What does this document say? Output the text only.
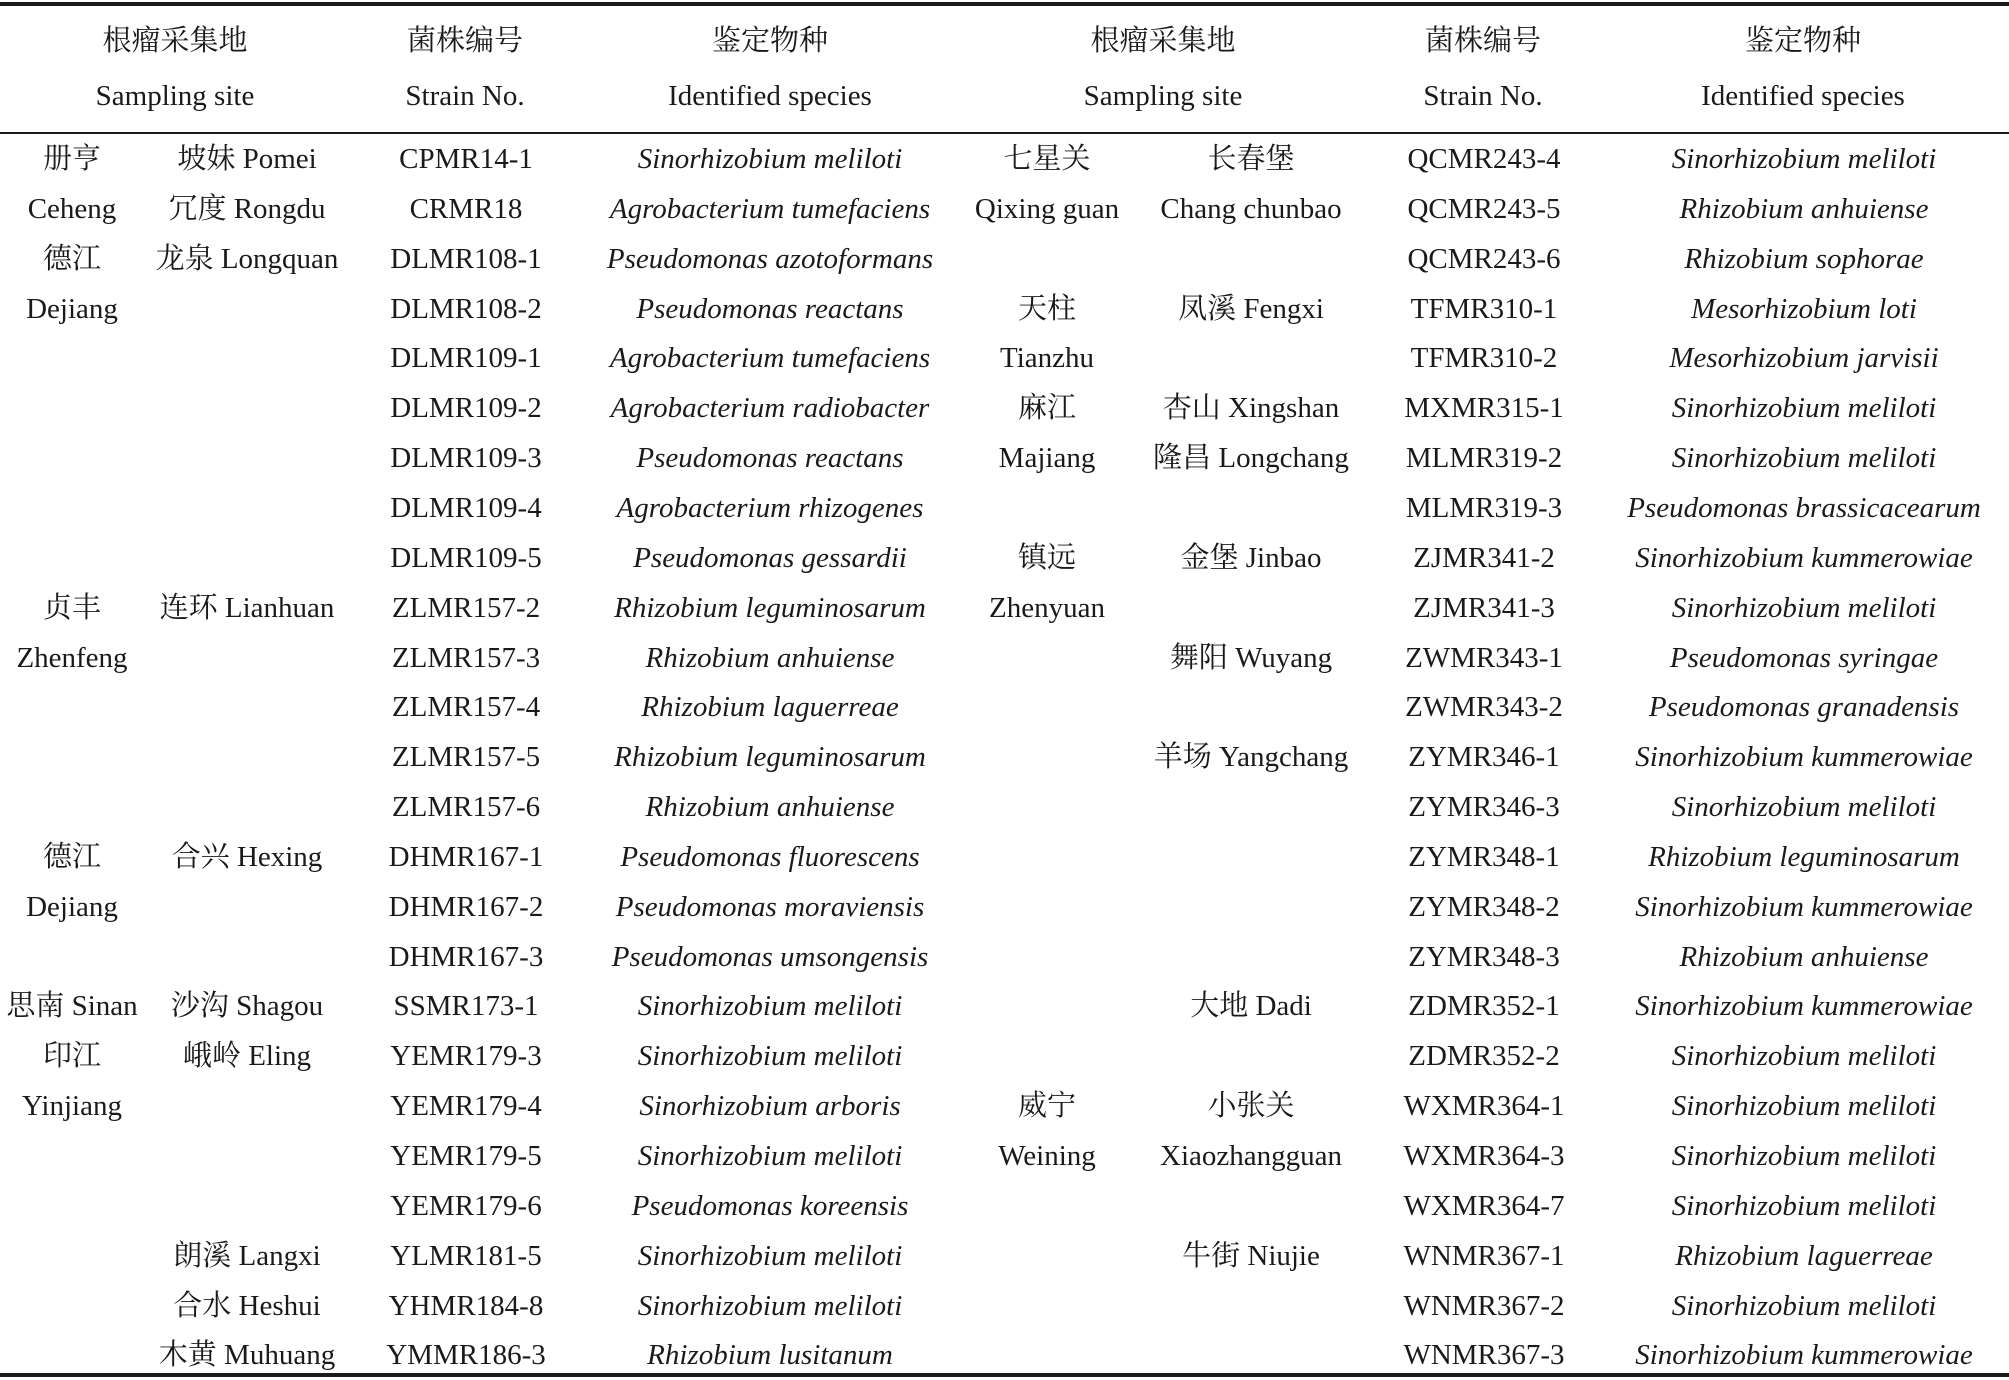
根瘤采集地
Sampling site
菌株编号
Strain No.
鉴定物种
Identified species
根瘤采集地
Sampling site
菌株编号
Strain No.
鉴定物种
Identified species
册亨
Ceheng
德江
Dejiang
贞丰
Zhenfeng
德江
Dejiang
思南 Sinan
印江
Yinjiang
坡妹 Pomei
冗度 Rongdu
龙泉 Longquan
连环 Lianhuan
合兴 Hexing
沙沟 Shagou
峨岭 Eling
朗溪 Langxi
合水 Heshui
木黄 Muhuang
CPMR14-1
CRMR18
DLMR108-1
DLMR108-2
DLMR109-1
DLMR109-2
DLMR109-3
DLMR109-4
DLMR109-5
ZLMR157-2
ZLMR157-3
ZLMR157-4
ZLMR157-5
ZLMR157-6
DHMR167-1
DHMR167-2
DHMR167-3
SSMR173-1
YEMR179-3
YEMR179-4
YEMR179-5
YEMR179-6
YLMR181-5
YHMR184-8
YMMR186-3
Sinorhizobium meliloti
Agrobacterium tumefaciens
Pseudomonas azotoformans
Pseudomonas reactans
Agrobacterium tumefaciens
Agrobacterium radiobacter
Pseudomonas reactans
Agrobacterium rhizogenes
Pseudomonas gessardii
Rhizobium leguminosarum
Rhizobium anhuiense
Rhizobium laguerreae
Rhizobium leguminosarum
Rhizobium anhuiense
Pseudomonas fluorescens
Pseudomonas moraviensis
Pseudomonas umsongensis
Sinorhizobium meliloti
Sinorhizobium meliloti
Sinorhizobium arboris
Sinorhizobium meliloti
Pseudomonas koreensis
Sinorhizobium meliloti
Sinorhizobium meliloti
Rhizobium lusitanum
七星关
Qixing guan
天柱
Tianzhu
麻江
Majiang
镇远
Zhenyuan
威宁
Weining
长春堡
Chang chunbao
凤溪 Fengxi
杏山 Xingshan
隆昌 Longchang
金堡 Jinbao
舞阳 Wuyang
羊场 Yangchang
大地 Dadi
小张关
Xiaozhangguan
牛街 Niujie
QCMR243-4
QCMR243-5
QCMR243-6
TFMR310-1
TFMR310-2
MXMR315-1
MLMR319-2
MLMR319-3
ZJMR341-2
ZJMR341-3
ZWMR343-1
ZWMR343-2
ZYMR346-1
ZYMR346-3
ZYMR348-1
ZYMR348-2
ZYMR348-3
ZDMR352-1
ZDMR352-2
WXMR364-1
WXMR364-3
WXMR364-7
WNMR367-1
WNMR367-2
WNMR367-3
Sinorhizobium meliloti
Rhizobium anhuiense
Rhizobium sophorae
Mesorhizobium loti
Mesorhizobium jarvisii
Sinorhizobium meliloti
Sinorhizobium meliloti
Pseudomonas brassicacearum
Sinorhizobium kummerowiae
Sinorhizobium meliloti
Pseudomonas syringae
Pseudomonas granadensis
Sinorhizobium kummerowiae
Sinorhizobium meliloti
Rhizobium leguminosarum
Sinorhizobium kummerowiae
Rhizobium anhuiense
Sinorhizobium kummerowiae
Sinorhizobium meliloti
Sinorhizobium meliloti
Sinorhizobium meliloti
Sinorhizobium meliloti
Rhizobium laguerreae
Sinorhizobium meliloti
Sinorhizobium kummerowiae
